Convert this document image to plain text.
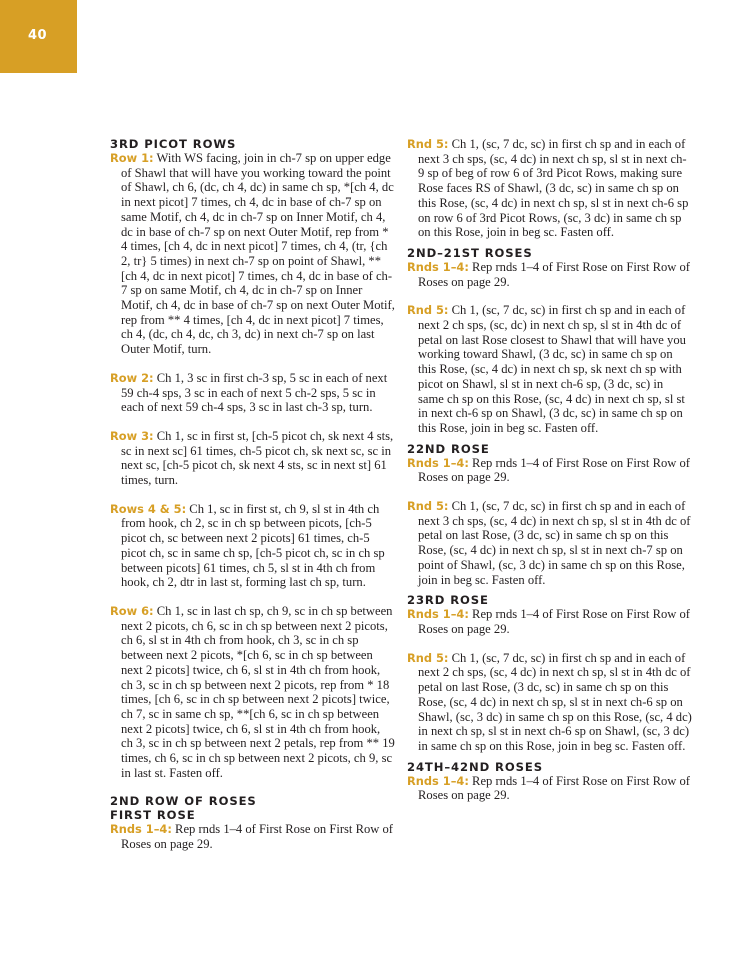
40
3RD PICOT ROWS

Row 1: With WS facing, join in ch-7 sp on upper edge of Shawl that will have you working toward the point of Shawl, ch 6, (dc, ch 4, dc) in same ch sp, *[ch 4, dc in next picot] 7 times, ch 4, dc in base of ch-7 sp on same Motif, ch 4, dc in ch-7 sp on Inner Motif, ch 4, dc in base of ch-7 sp on next Outer Motif, rep from * 4 times, [ch 4, dc in next picot] 7 times, ch 4, (tr, {ch 2, tr} 5 times) in next ch-7 sp on point of Shawl, **[ch 4, dc in next picot] 7 times, ch 4, dc in base of ch-7 sp on same Motif, ch 4, dc in ch-7 sp on Inner Motif, ch 4, dc in base of ch-7 sp on next Outer Motif, rep from ** 4 times, [ch 4, dc in next picot] 7 times, ch 4, (dc, ch 4, dc, ch 3, dc) in next ch-7 sp on last Outer Motif, turn.

Row 2: Ch 1, 3 sc in first ch-3 sp, 5 sc in each of next 59 ch-4 sps, 3 sc in each of next 5 ch-2 sps, 5 sc in each of next 59 ch-4 sps, 3 sc in last ch-3 sp, turn.

Row 3: Ch 1, sc in first st, [ch-5 picot ch, sk next 4 sts, sc in next sc] 61 times, ch-5 picot ch, sk next sc, sc in next sc, [ch-5 picot ch, sk next 4 sts, sc in next st] 61 times, turn.

Rows 4 & 5: Ch 1, sc in first st, ch 9, sl st in 4th ch from hook, ch 2, sc in ch sp between picots, [ch-5 picot ch, sc between next 2 picots] 61 times, ch-5 picot ch, sc in same ch sp, [ch-5 picot ch, sc in ch sp between picots] 61 times, ch 5, sl st in 4th ch from hook, ch 2, dtr in last st, forming last ch sp, turn.

Row 6: Ch 1, sc in last ch sp, ch 9, sc in ch sp between next 2 picots, ch 6, sc in ch sp between next 2 picots, ch 6, sl st in 4th ch from hook, ch 3, sc in ch sp between next 2 picots, *[ch 6, sc in ch sp between next 2 picots] twice, ch 6, sl st in 4th ch from hook, ch 3, sc in ch sp between next 2 picots, rep from * 18 times, [ch 6, sc in ch sp between next 2 picots] twice, ch 7, sc in same ch sp, **[ch 6, sc in ch sp between next 2 picots] twice, ch 6, sl st in 4th ch from hook, ch 3, sc in ch sp between next 2 petals, rep from ** 19 times, ch 6, sc in ch sp between next 2 picots, ch 9, sc in last st. Fasten off.

2ND ROW OF ROSES
FIRST ROSE

Rnds 1–4: Rep rnds 1–4 of First Rose on First Row of Roses on page 29.

Rnd 5: Ch 1, (sc, 7 dc, sc) in first ch sp and in each of next 3 ch sps, (sc, 4 dc) in next ch sp, sl st in next ch-9 sp of beg of row 6 of 3rd Picot Rows, making sure Rose faces RS of Shawl, (3 dc, sc) in same ch sp on this Rose, (sc, 4 dc) in next ch sp, sl st in next ch-6 sp on row 6 of 3rd Picot Rows, (sc, 3 dc) in same ch sp on this Rose, join in beg sc. Fasten off.

2ND–21ST ROSES

Rnds 1–4: Rep rnds 1–4 of First Rose on First Row of Roses on page 29.

Rnd 5: Ch 1, (sc, 7 dc, sc) in first ch sp and in each of next 2 ch sps, (sc, dc) in next ch sp, sl st in 4th dc of petal on last Rose closest to Shawl that will have you working toward Shawl, (3 dc, sc) in same ch sp on this Rose, (sc, 4 dc) in next ch sp, sk next ch sp with picot on Shawl, sl st in next ch-6 sp, (3 dc, sc) in same ch sp on this Rose, (sc, 4 dc) in next ch sp, sl st in next ch-6 sp on Shawl, (3 dc, sc) in same ch sp on this Rose, join in beg sc. Fasten off.

22ND ROSE

Rnds 1–4: Rep rnds 1–4 of First Rose on First Row of Roses on page 29.

Rnd 5: Ch 1, (sc, 7 dc, sc) in first ch sp and in each of next 3 ch sps, (sc, 4 dc) in next ch sp, sl st in 4th dc of petal on last Rose, (3 dc, sc) in same ch sp on this Rose, (sc, 4 dc) in next ch sp, sl st in next ch-7 sp on point of Shawl, (sc, 3 dc) in same ch sp on this Rose, join in beg sc. Fasten off.

23RD ROSE

Rnds 1–4: Rep rnds 1–4 of First Rose on First Row of Roses on page 29.

Rnd 5: Ch 1, (sc, 7 dc, sc) in first ch sp and in each of next 2 ch sps, (sc, 4 dc) in next ch sp, sl st in 4th dc of petal on last Rose, (3 dc, sc) in same ch sp on this Rose, (sc, 4 dc) in next ch sp, sl st in next ch-6 sp on Shawl, (sc, 3 dc) in same ch sp on this Rose, (sc, 4 dc) in next ch sp, sl st in next ch-6 sp on Shawl, (sc, 3 dc) in same ch sp on this Rose, join in beg sc. Fasten off.

24TH–42ND ROSES

Rnds 1–4: Rep rnds 1–4 of First Rose on First Row of Roses on page 29.
